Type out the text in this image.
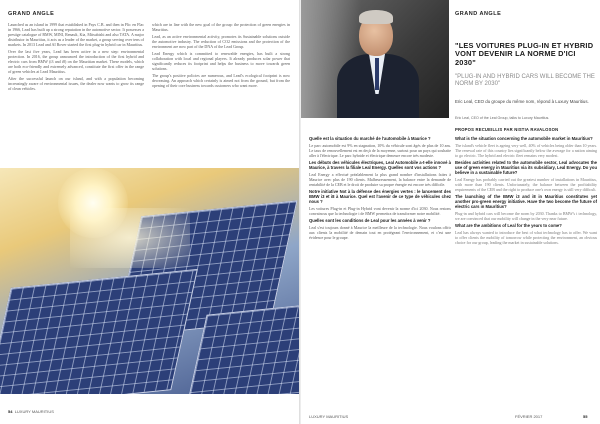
GRAND ANGLE

Launched as an island in 1999 that established in Pays C.B. and then in Flic en Flac in 1966, Lead has built up a strong reputation in the automotive sector. It possesses a prestige catalogue of BMW, MINI, Renault, Kia, Mitsubishi and also TATA. A major distributor in Mauritius, it acts as a leader of the market, a group serving over tens of markets. In 2013 Lead and AI Rover started the first plug-in hybrid car in Mauritius.

Over the last five years, Lead has been active in a new step: environmental protection. In 2016, the group announced the introduction of the first hybrid and electric cars from BMW (i3 and i8) on the Mauritian market. These models, which are both eco-friendly and extremely advanced, constitute the first offer in the range of green vehicles at Lead Mauritius.

After the successful launch on our island, and with a population becoming increasingly aware of environmental issues, the dealer now wants to grow its range of clean vehicles.

which are in line with the new goal of the group: the protection of green energies in Mauritius.

Lead, as an active environmental activity, promotes its Sustainable solutions outside the automotive industry. The reduction of CO2 emissions and the protection of the environment are now part of the DNA of the Lead Group.

Lead Energy which is committed to renewable energies, has built a strong collaboration with local and regional players. It already produces solar power that significantly reduces its footprint and helps the business to move towards green solutions.

The group's positive policies are numerous, and Lead's ecological footprint is now decreasing. An approach which certainly is aimed not from the ground, but from the opening of their core business towards customers who want more.

54 LUXURY MAURITIUS
GRAND ANGLE
"LES VOITURES PLUG-IN ET HYBRID VONT DEVENIR LA NORME D'ICI 2030"
"PLUG-IN AND HYBRID CARS WILL BECOME THE NORM BY 2030"
Eric Leal, CEO du groupe du même nom, répond à Luxury Mauritius.
Eric Leal, CEO of the Leal Group, talks to Luxury Mauritius.
PROPOS RECUEILLIS PAR NISTIA RAVALOSON

Quelle est la situation du marché de l'automobile à Maurice ?

Le parc automobile est 9% en stagnation, 10% du véhicule sont âgés de plus de 10 ans. Le taux de renouvellement est en deçà de la moyenne, surtout pour un pays qui souhaite aller à l'électrique. Le parc hybride et électrique demeure encore très modeste.

Les débuts des véhicules électriques, Leal Automobile a-t-elle innové à Maurice, à travers la filiale Leal Energy. Quelles sont vos actions ?

Leal Energy a effectué préalablement la plus grand nombre d'installations faites à Maurice avec plus de 190 clients. Malheureusement, la balance entre la demande de rentabilité de la CEB et le droit de produire sa propre énergie est encore très difficile.

Notre initiative Not à la défense des énergies vertes : le lancement des BMW i3 et i8 à Maurice. Quel est l'avenir de ce type de véhicules chez nous ?

Les voitures Plug-in et Plug-in Hybrid vont devenir la norme d'ici 2030. Nous restons convaincus que la technologie i de BMW permettra de transformer notre mobilité.

Quelles sont les conditions de Leal pour les années à venir ?

Leal s'est toujours donné à Maurice la meilleure de la technologie. Nous voulons offrir aux clients la mobilité de demain tout en protégeant l'environnement, et c'est une évidence pour le groupe.

What is the situation concerning the automobile market in Mauritius?

The island's vehicle fleet is ageing very well, 40% of vehicles being older than 10 years. The renewal rate of this country lies significantly below the average for a nation aiming to go electric. The hybrid and electric fleet remains very modest.

Besides activities related to the automobile sector, Leal advocates the use of green energy in Mauritius via its subsidiary, Leal Energy. Do you believe in a sustainable future?

Leal Energy has probably carried out the greatest number of installations in Mauritius, with more than 190 clients. Unfortunately, the balance between the profitability requirements of the CEB and the right to produce one's own energy is still very difficult.

The launching of the BMW i3 and i8 in Mauritius constitutes yet another pro-green energy initiative. Have the two become the future of electric cars in Mauritius?

Plug-in and hybrid cars will become the norm by 2030. Thanks to BMW's i technology, we are convinced that our mobility will change in the very near future.

What are the ambitions of Leal for the years to come?

Leal has always wanted to introduce the best of what technology has to offer. We want to offer clients the mobility of tomorrow while protecting the environment, an obvious choice for our group, leading the market in sustainable solutions.

LUXURY MAURITIUS	FÉVRIER 2017	55
